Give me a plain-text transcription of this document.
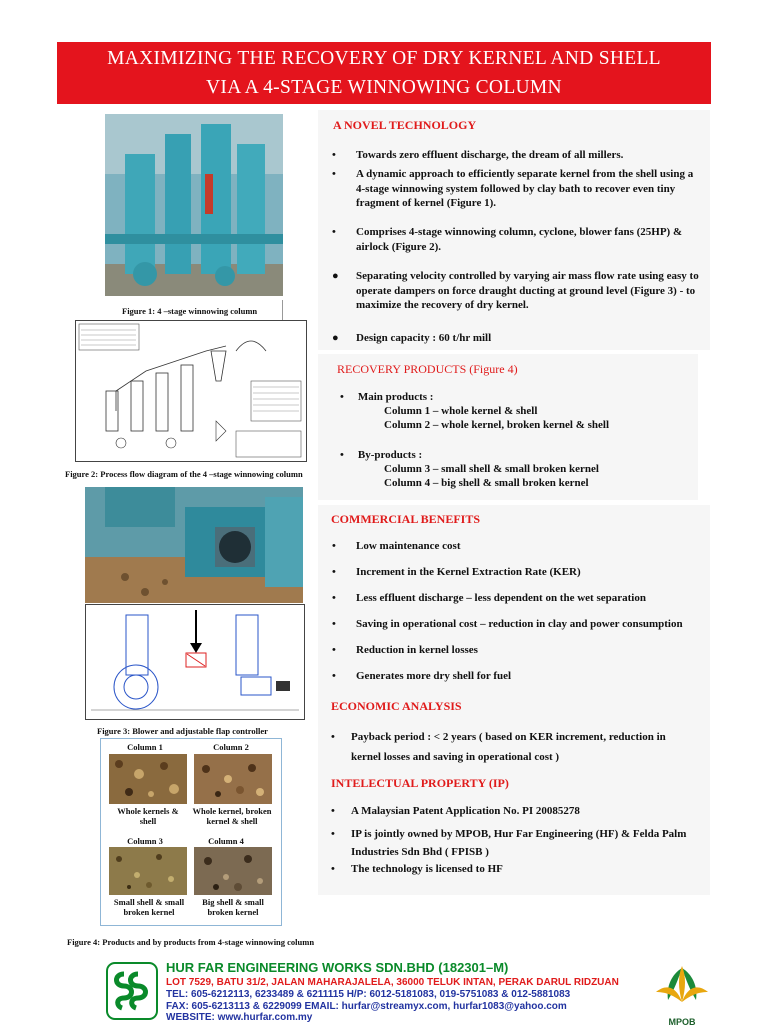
MAXIMIZING THE RECOVERY OF DRY KERNEL AND SHELL
VIA A 4-STAGE WINNOWING COLUMN
Figure 1: 4 –stage winnowing column
Figure 2: Process flow diagram of the 4 –stage winnowing column
Figure 3: Blower and adjustable flap controller
Column 1	Column 2
Whole kernels & shell
Whole kernel, broken kernel & shell
Column 3	Column 4
Small shell & small broken kernel
Big shell & small broken kernel
Figure 4: Products and by products from 4-stage winnowing column
A NOVEL TECHNOLOGY
• Towards zero effluent discharge, the dream of all millers.
• A dynamic approach to efficiently separate kernel from the shell using a 4-stage winnowing system followed by clay bath to recover even tiny fragment of kernel (Figure 1).
• Comprises 4-stage winnowing column, cyclone, blower fans (25HP) & airlock (Figure 2).
● Separating velocity controlled by varying air mass flow rate using easy to operate dampers on force draught ducting at ground level (Figure 3) - to maximize the recovery of dry kernel.
● Design capacity : 60 t/hr mill
RECOVERY PRODUCTS (Figure 4)
• Main products :
Column 1 – whole kernel & shell
Column 2 – whole kernel, broken kernel & shell
• By-products :
Column 3 – small shell & small broken kernel
Column 4 – big shell & small broken kernel
COMMERCIAL BENEFITS
• Low maintenance cost
• Increment in the Kernel Extraction Rate (KER)
• Less effluent discharge – less dependent on the wet separation
• Saving in operational cost – reduction in clay and power consumption
• Reduction in kernel losses
• Generates more dry shell for fuel
ECONOMIC ANALYSIS
• Payback period : < 2 years ( based on KER increment, reduction in kernel losses and saving in operational cost )
INTELECTUAL PROPERTY (IP)
• A Malaysian Patent Application No. PI 20085278
• IP is jointly owned by MPOB, Hur Far Engineering (HF) & Felda Palm Industries Sdn Bhd ( FPISB )
• The technology is licensed to HF
HUR FAR ENGINEERING WORKS SDN.BHD (182301–M)
LOT 7529, BATU 31/2, JALAN MAHARAJALELA, 36000 TELUK INTAN, PERAK DARUL RIDZUAN
TEL: 605-6212113, 6233489 & 6211115 H/P: 6012-5181083, 019-5751083 & 012-5881083
FAX: 605-6213113 & 6229099 EMAIL: hurfar@streamyx.com, hurfar1083@yahoo.com
WEBSITE: www.hurfar.com.my	MPOB
